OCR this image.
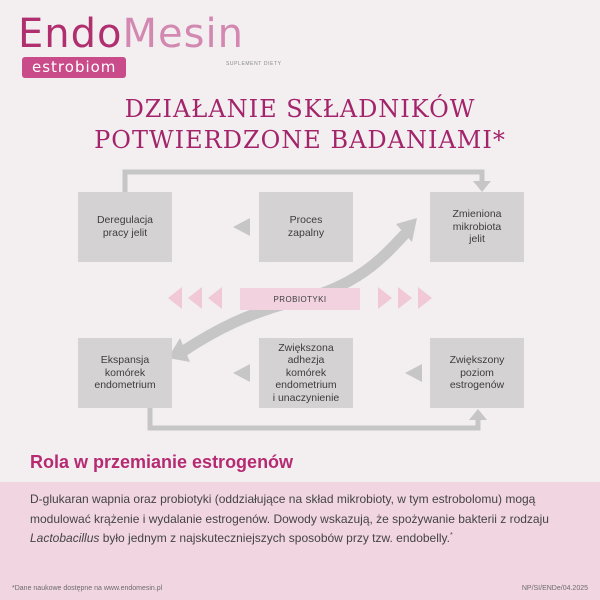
EndoMesin
estrobiom	SUPLEMENT DIETY
DZIAŁANIE SKŁADNIKÓW
POTWIERDZONE BADANIAMI*
Deregulacja
pracy jelit
Proces
zapalny
Zmieniona
mikrobiota
jelit
PROBIOTYKI
Ekspansja
komórek
endometrium
Zwiększona
adhezja
komórek
endometrium
i unaczynienie
Zwiększony
poziom
estrogenów
Rola w przemianie estrogenów
D-glukaran wapnia oraz probiotyki (oddziałujące na skład mikrobioty, w tym estrobolomu) mogą modulować krążenie i wydalanie estrogenów. Dowody wskazują, że spożywanie bakterii z rodzaju Lactobacillus było jednym z najskuteczniejszych sposobów przy tzw. endobelly.*
*Dane naukowe dostępne na www.endomesin.pl	NP/SI/ENDe/04.2025
